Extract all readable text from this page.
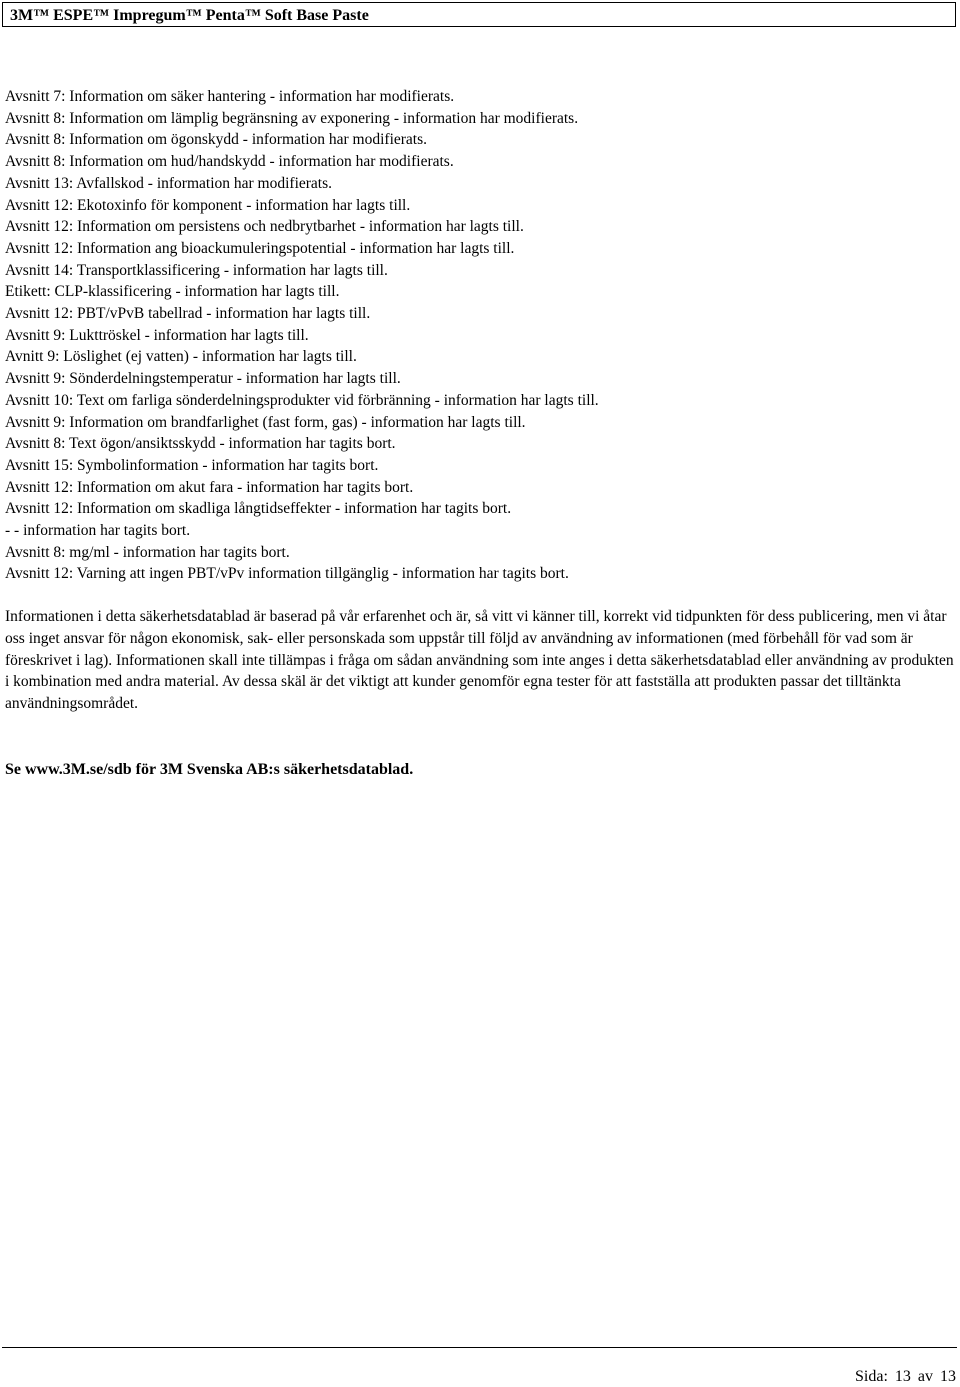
3M™ ESPE™ Impregum™ Penta™ Soft Base Paste
Avsnitt 7: Information om säker hantering - information har modifierats.
Avsnitt 8: Information om lämplig begränsning av exponering - information har modifierats.
Avsnitt 8: Information om ögonskydd - information har modifierats.
Avsnitt 8: Information om hud/handskydd - information har modifierats.
Avsnitt 13: Avfallskod - information har modifierats.
Avsnitt 12: Ekotoxinfo för komponent - information har lagts till.
Avsnitt 12: Information om persistens och nedbrytbarhet - information har lagts till.
Avsnitt 12: Information ang bioackumuleringspotential - information har lagts till.
Avsnitt 14: Transportklassificering - information har lagts till.
Etikett: CLP-klassificering - information har lagts till.
Avsnitt 12: PBT/vPvB tabellrad - information har lagts till.
Avsnitt 9: Lukttröskel - information har lagts till.
Avnitt 9: Löslighet (ej vatten) - information har lagts till.
Avsnitt 9: Sönderdelningstemperatur - information har lagts till.
Avsnitt 10: Text om farliga sönderdelningsprodukter vid förbränning - information har lagts till.
Avsnitt 9: Information om brandfarlighet (fast form, gas) - information har lagts till.
Avsnitt 8: Text ögon/ansiktsskydd - information har tagits bort.
Avsnitt 15: Symbolinformation - information har tagits bort.
Avsnitt 12: Information om akut fara - information har tagits bort.
Avsnitt 12: Information om skadliga långtidseffekter - information har tagits bort.
- - information har tagits bort.
Avsnitt 8: mg/ml - information har tagits bort.
Avsnitt 12: Varning att ingen PBT/vPv information tillgänglig - information har tagits bort.

Informationen i detta säkerhetsdatablad är baserad på vår erfarenhet och är, så vitt vi känner till, korrekt vid tidpunkten för dess publicering, men vi åtar oss inget ansvar för någon ekonomisk, sak- eller personskada som uppstår till följd av användning av informationen (med förbehåll för vad som är föreskrivet i lag). Informationen skall inte tillämpas i fråga om sådan användning som inte anges i detta säkerhetsdatablad eller användning av produkten i kombination med andra material. Av dessa skäl är det viktigt att kunder genomför egna tester för att fastställa att produkten passar det tilltänkta användningsområdet.

Se www.3M.se/sdb för 3M Svenska AB:s säkerhetsdatablad.

Sida: 13 av 13
